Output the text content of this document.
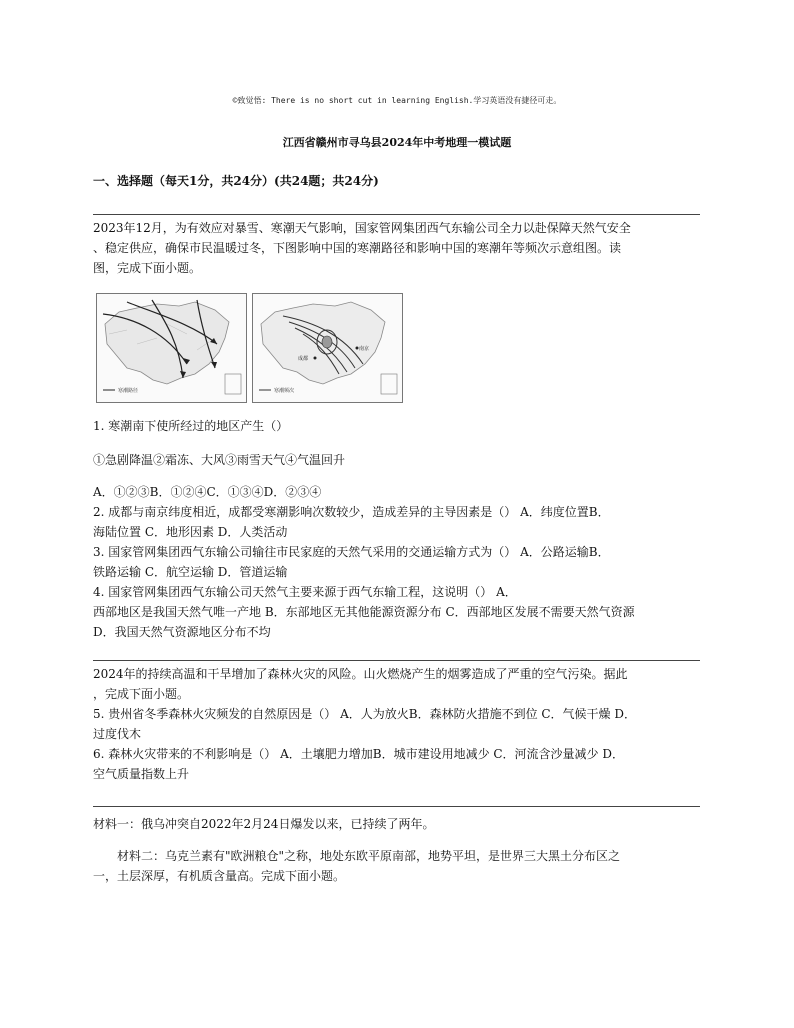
©致觉悟: There is no short cut in learning English.学习英语没有捷径可走。
江西省赣州市寻乌县2024年中考地理一模试题
一、选择题（每天1分，共24分）(共24题；共24分)

2023年12月，为有效应对暴雪、寒潮天气影响，国家管网集团西气东输公司全力以赴保障天然气安全

、稳定供应，确保市民温暖过冬，下图影响中国的寒潮路径和影响中国的寒潮年等频次示意组图。读

图，完成下面小题。

寒潮路径
成都
南京
寒潮频次

1. 寒潮南下使所经过的地区产生（）

①急剧降温②霜冻、大风③雨雪天气④气温回升

A．①②③B．①②④C．①③④D．②③④

2. 成都与南京纬度相近，成都受寒潮影响次数较少，造成差异的主导因素是（） A．纬度位置B．

海陆位置 C．地形因素 D．人类活动

3. 国家管网集团西气东输公司输往市民家庭的天然气采用的交通运输方式为（） A．公路运输B．

铁路运输 C．航空运输 D．管道运输

4. 国家管网集团西气东输公司天然气主要来源于西气东输工程，这说明（） A．

西部地区是我国天然气唯一产地 B．东部地区无其他能源资源分布 C．西部地区发展不需要天然气资源

D．我国天然气资源地区分布不均

2024年的持续高温和干旱增加了森林火灾的风险。山火燃烧产生的烟雾造成了严重的空气污染。据此

，完成下面小题。

5. 贵州省冬季森林火灾频发的自然原因是（） A．人为放火B．森林防火措施不到位 C．气候干燥 D．

过度伐木

6. 森林火灾带来的不利影响是（） A．土壤肥力增加B．城市建设用地减少 C．河流含沙量减少 D．

空气质量指数上升

材料一：俄乌冲突自2022年2月24日爆发以来，已持续了两年。

材料二：乌克兰素有"欧洲粮仓"之称，地处东欧平原南部，地势平坦，是世界三大黑土分布区之

一，土层深厚，有机质含量高。完成下面小题。
